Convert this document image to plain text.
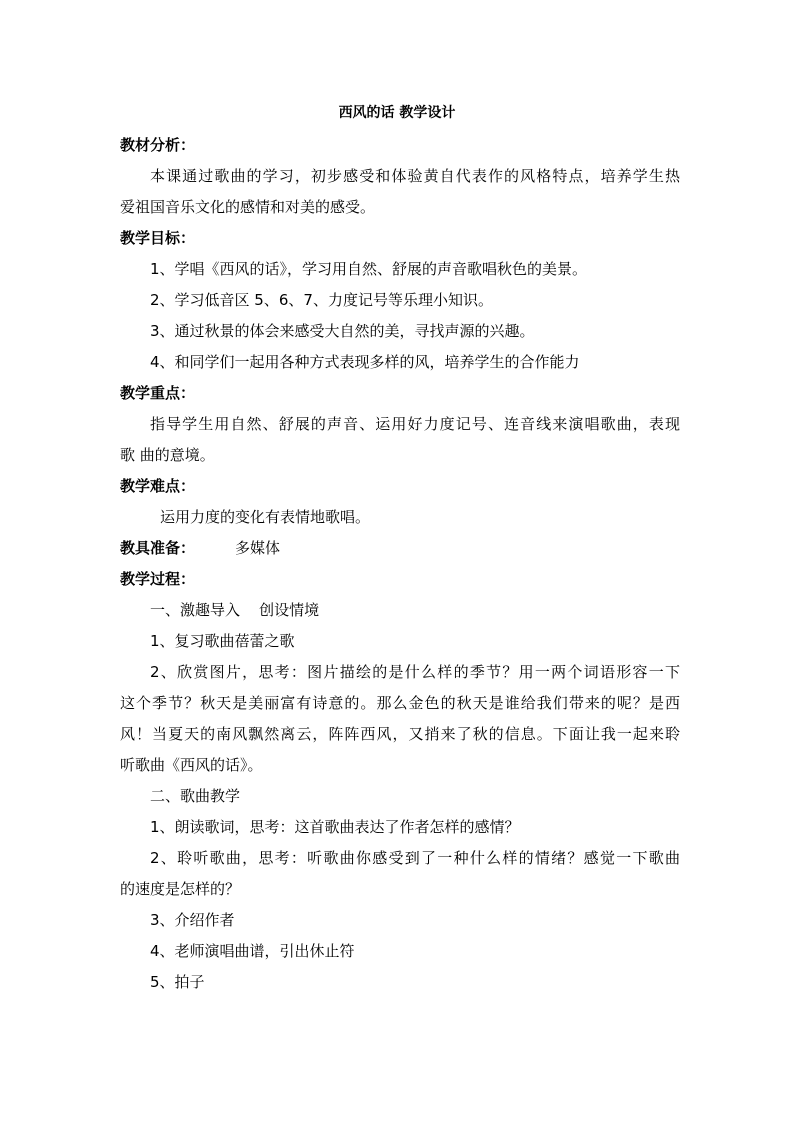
西风的话 教学设计
教材分析：
本课通过歌曲的学习，初步感受和体验黄自代表作的风格特点，培养学生热
爱祖国音乐文化的感情和对美的感受。
教学目标：
1、学唱《西风的话》，学习用自然、舒展的声音歌唱秋色的美景。
2、学习低音区 5、6、7、力度记号等乐理小知识。
3、通过秋景的体会来感受大自然的美，寻找声源的兴趣。
4、和同学们一起用各种方式表现多样的风，培养学生的合作能力
教学重点：
指导学生用自然、舒展的声音、运用好力度记号、连音线来演唱歌曲，表现
歌 曲的意境。
教学难点：
运用力度的变化有表情地歌唱。
教具准备：	多媒体
教学过程：
一、激趣导入    创设情境
1、复习歌曲蓓蕾之歌
2、欣赏图片，思考：图片描绘的是什么样的季节？用一两个词语形容一下
这个季节？秋天是美丽富有诗意的。那么金色的秋天是谁给我们带来的呢？是西
风！当夏天的南风飘然离云，阵阵西风，又捎来了秋的信息。下面让我一起来聆
听歌曲《西风的话》。
二、歌曲教学
1、朗读歌词，思考：这首歌曲表达了作者怎样的感情？
2、聆听歌曲，思考：听歌曲你感受到了一种什么样的情绪？感觉一下歌曲
的速度是怎样的？
3、介绍作者
4、老师演唱曲谱，引出休止符
5、拍子
